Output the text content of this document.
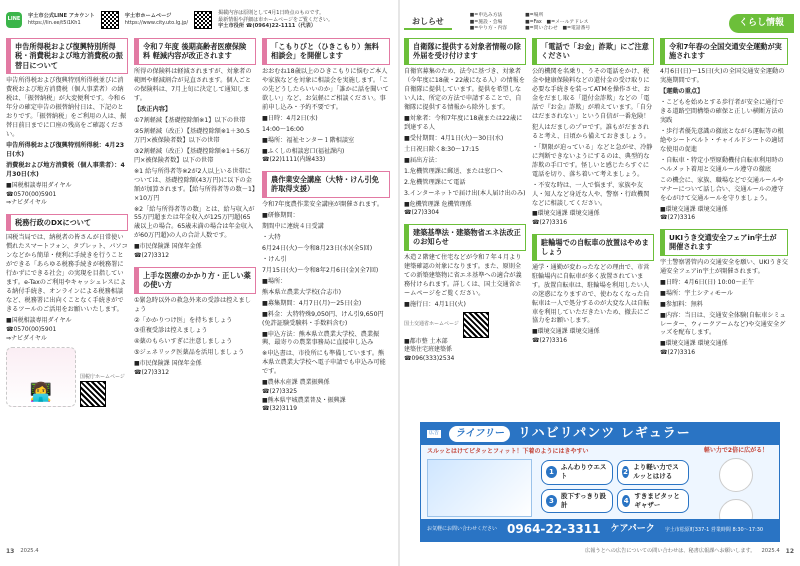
LINE	宇土市公式LINE アカウント
https://lin.ee/t5i1Kh1
宇土市ホームページ
https://www.city.uto.lg.jp/
掲載内容は原則として4月1日時点のものです。
最新情報や詳細は市ホームページをご覧ください。

宇土市役所 ☎(0964)22-1111（代表）
申告所得税および復興特別所得税・消費税および地方消費税の振替日について

申告所得税および復興特別所得税並びに消費税および地方消費税（個人事業者）の納税は、「振替納税」が大変便利です。今和６年分の確定申告の振替納付日は、下記のとおりです。「振替納税」をご利用の人は、振替日前日までに口座の残高をご確認ください。

申告所得税および復興特別所得税：4月23日(水)

消費税および地方消費税（個人事業者）：4月30日(水)

■国税相談専用ダイヤル
☎0570(00)5901
⇒ナビダイヤル
税務行政のDXについて

国税当局では、納税者の皆さんが日常使い慣れたスマートフォン、タブレット、パソコンなどから簡単・便利に手続きを行うことができる「あらゆる税務手続きが税務署に行かずにできる社会」の実現を目指しています。e-Taxのご利用やキャッシュレスによる納付手続き、オンラインによる税務相談など、税務署に出向くことなく手続きができるツールのご活用をお願いいたします。

■国税相談専用ダイヤル
☎0570(00)5901
⇒ナビダイヤル
👩‍💻
国税庁ホームページ
令和７年度 後期高齢者医療保険料 軽減内容が改正されます

所得の保険料は軽減されますが、対象者の範囲や軽減割合が見直されます。個人ごとの保険料は、7月上旬に決定して通知します。

【改正内容】

①7割軽減【基礎控除額※1】以下の世帯

②5割軽減（改正）【基礎控除額※1＋30.5万円×被保険者数】以下の世帯

③2割軽減（改正）【基礎控除額※1＋56万円×被保険者数】以下の世帯

※1 給与所得者等※2が2人以上いる世帯については、基礎控除額(43万円)に以下の金額が加算されます。【給与所得者等の数－1】×10万円

※2「給与所得者等の数」とは、給与収入が55万円超または年金収入が125万円超(65歳以上の場合。65歳未満の場合は年金収入が60万円超)の人の合計人数です。

■市民保険課 国保年金係
☎(27)3312
上手な医療のかかり方・正しい薬の使い方

①緊急時以外の救急外来の受診は控えましょう

②「かかりつけ医」を持ちましょう

③重複受診は控えましょう

④薬のもらいすぎに注意しましょう

⑤ジェネリック医薬品を活用しましょう

■市民保険課 国保年金係
☎(27)3312
「こもりびと（ひきこもり）無料相談会」を開催します

おおむね18歳以上のひきこもりに悩むご本人や家族などを対象に相談会を実施します。「この先どうしたらいいのか」「誰かに話を聞いて欲しい」など、お気軽にご相談ください。事前申し込み・予約不要です。

■日時：4月2日(水)

14:00～16:00

■場所：福祉センター１階相談室

■ふくしの相談窓口(福祉課内)
☎(22)1111(内線433)
農作業安全講座（大特・けん引免許取得支援）

令和7年度農作業安全講座が開催されます。

■研修期間：

期間中に連続４日受講

・大特

6月24日(火)～令和8月23日(水)(全5回)

・けん引

7月15日(火)～令和8年2月6日(金)(全7回)

■場所：

熊本県立農業大学校(合志市)

■募集期間：4月7日(月)～25日(金)

■料金：大特特殊9,050円、けん引9,650円(免許証験受験料・手数料含む)

■申込方法：熊本県立農業大学校、農業振興、最寄りの農業事務局に直接申し込み

※申込書は、市役所にも準備しています。熊本県立農業大学校へ電子申請でも申込み可能です。

■農林水産課 農業振興係
☎(27)3325
■熊本県宇城農業普及・振興課
☎(32)3119
13 2025.4
おしらせ
■=申込み方法
■=施設・会場
■=やり方・内容
■=場所
■=Fax　■=メールアドレス
■=問い合わせ　■=電話番号
くらし情報
自衛隊に提供する対象者情報の除外届を受け付けます

自衛官募集のため、法令に基づき、対象者（今年度に18歳・22歳になる人）の情報を自衛隊に提供しています。提供を希望しない人は、所定の方法で申請することで、自衛隊に提供する情報から除外します。

■対象者：令和7年度に18歳または22歳に到達する人

■受付期間：4月1日(火)～30日(水)

土日祝日除く8:30～17:15

■届出方法：

1.危機管理課に郵送、または窓口へ

2.危機管理課にて電話

3.インターネットで届け出(本人届け出のみ)

■危機管理課 危機管理係
☎(27)3304
建築基準法・建築物省エネ法改正のお知らせ

木造２階建て住宅などが令和７年４月より建築確認の対象になります。また、原則全ての新築建築物に省エネ基準への適合が義務付けられます。詳しくは、国土交通省ホームページをご覧ください。

■施行日：4月1日(火)

国土交通省ホームページ
■都市整 土木部
建築住宅班建築係
☎096(333)2534
「電話で「お金」詐欺」にご注意ください

公的機関を名乗り、うその電話をかけ、税金や健康保険料などの還付金の受け取りに必要な手続きを装ってATMを操作させ、お金をだまし取る「還付金詐欺」などの「電話で『お金』詐欺」が増えています。「自分はだまされない」という自信が一番危険！

犯人はだましのプロです。誰もがだまされると考え、日頃から備えておきましょう。

・「期限が迫っている」などと急がせ、冷静に判断できないようにするのは、典型的な詐欺の手口です。怪しいと感じたらすぐに電話を切り、落ち着いて考えましょう。

・不安な時は、一人で悩まず、家族や友人・知人など身近な人や、警察・行政機関などに相談してください。

■環境交通課 環境交通係
☎(27)3316
駐輪場での自転車の放置はやめましょう

通学・通勤が変わったなどの理由で、市営駐輪場内に自転車が多く放置されています。放置自転車は、駐輪場を利用したい人の迷惑になりますので、使わなくなった自転車は一人で処分するのが大変な人は自転車を利用していただきたいため、撤去にご協力をお願いします。

■環境交通課 環境交通係
☎(27)3316
令和7年春の全国交通安全運動が実施されます

4月6日(日)～15日(火)の全国交通安全運動の実施期間です。

【運動の重点】

・こどもを始めとする歩行者が安全に通行できる道路空間構築の確保と正しい横断方法の実践

・歩行者優先意識の徹底とながら運転等の根絶やシートベルト・チャイルドシートの適切な使用の促進

・自転車・特定小型原動機付自転車利用時のヘルメット着用と交通ルール遵守の徹底

この機会に、家族、職場などで交通ルールやマナーについて話し合い、交通ルールの遵守を心がけて交通ルールを守りましょう。

■環境交通課 環境交通係
☎(27)3316
UKIうき交通安全フェアin宇土が開催されます

宇土警察署管内の交通安全を願い、UKIうき交通安全フェアin宇土が開催されます。

■日時：4月6日(日) 10:00～正午

■場所：宇土シティモール

■参加料：無料

■内容：当日は、交通安全体験(自転車シミュレーター、ウィークアームなど)や交通安全グッズを配布します。

■環境交通課 環境交通係
☎(27)3316
広告	ライフリー	リハビリパンツ レギュラー
スルッとはけてピタッとフィット！下着のようにはきやすい
1
ふんわりウエスト
2
より軽い力でスルッとはける
3
股下すっきり設計
4
すきまピタッとギャザー
軽い力で2倍に広がる！

お気軽にお問い合わせください 0964-22-3311 ケアパーク 宇土市松原町337-1 営業時間 8:30～17:30
広報うとへの広告についての問い合わせは、秘書広報課へお願いします。 2025.4 12
